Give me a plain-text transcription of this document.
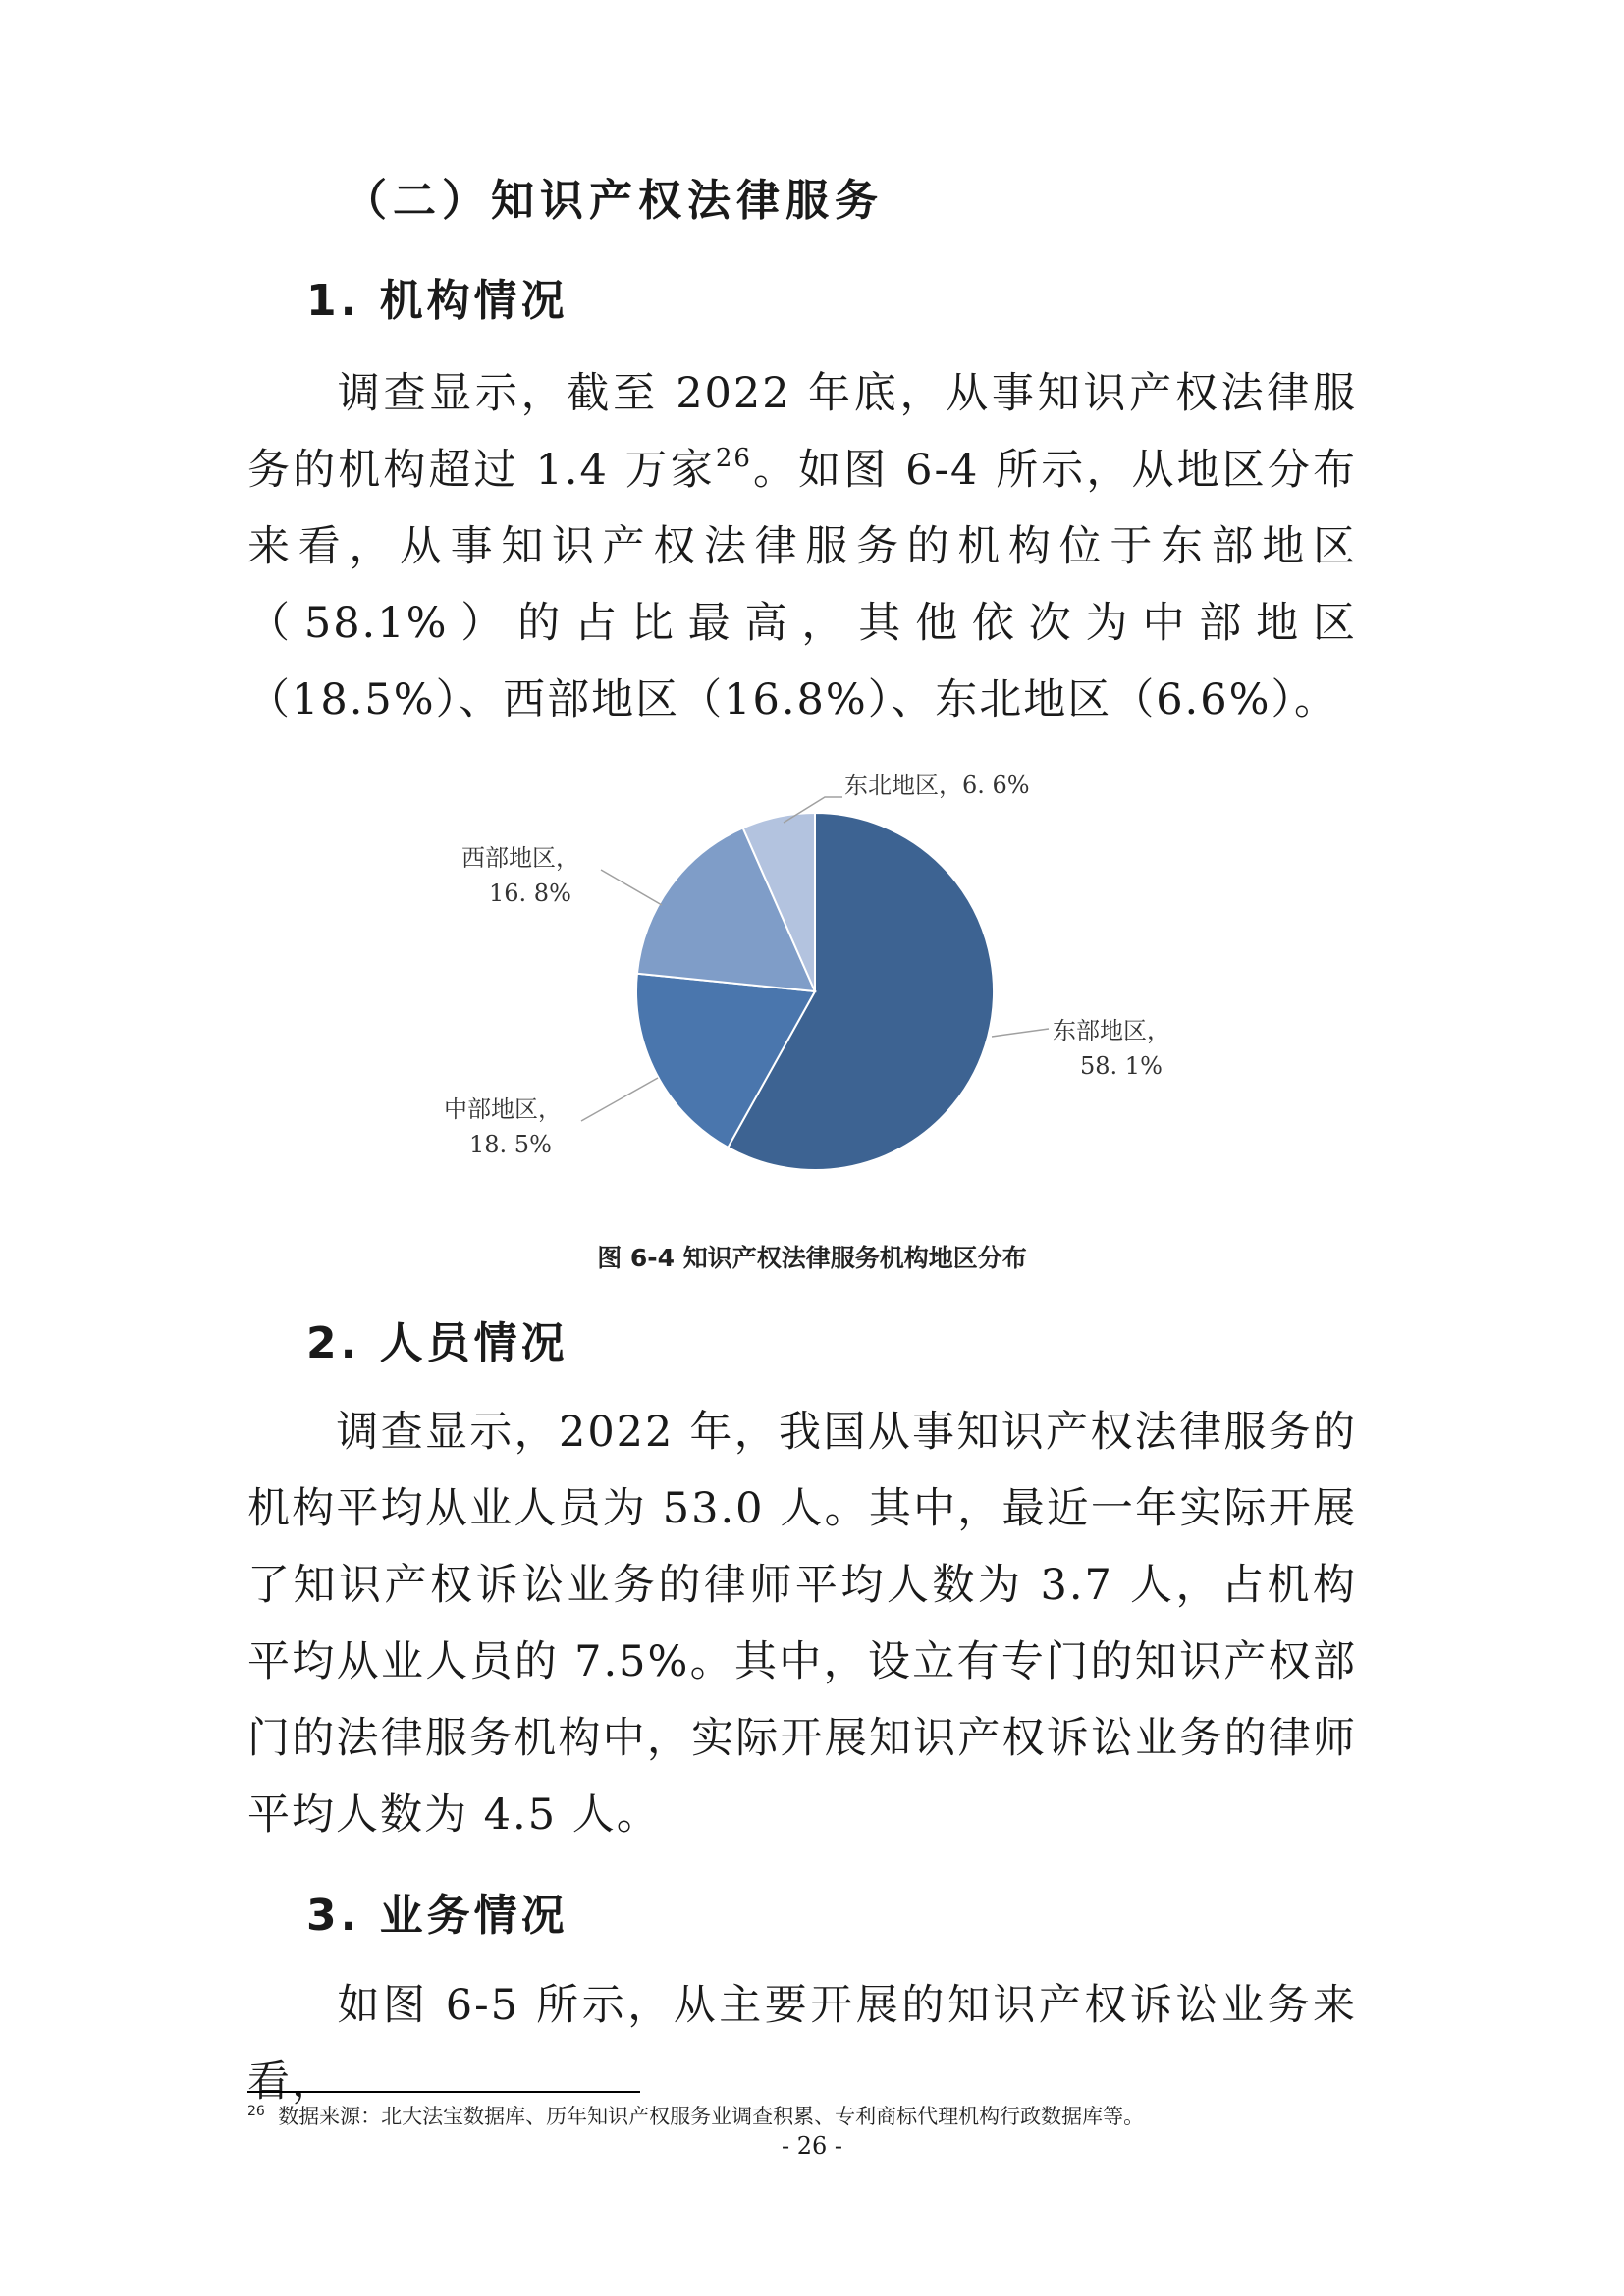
（二）知识产权法律服务
1. 机构情况
调查显示，截至 2022 年底，从事知识产权法律服务的机构超过 1.4 万家$^{26}$。如图 6-4 所示，从地区分布来看，从事知识产权法律服务的机构位于东部地区（58.1%）的占比最高，其他依次为中部地区（18.5%）、西部地区（16.8%）、东北地区（6.6%）。
东北地区，6. 6%
西部地区，
16. 8%
东部地区，
58. 1%
中部地区，
18. 5%
图 6-4 知识产权法律服务机构地区分布
2. 人员情况
调查显示，2022 年，我国从事知识产权法律服务的机构平均从业人员为 53.0 人。其中，最近一年实际开展了知识产权诉讼业务的律师平均人数为 3.7 人，占机构平均从业人员的 7.5%。其中，设立有专门的知识产权部门的法律服务机构中，实际开展知识产权诉讼业务的律师平均人数为 4.5 人。
3. 业务情况
如图 6-5 所示，从主要开展的知识产权诉讼业务来看，
$^{26}$ 数据来源：北大法宝数据库、历年知识产权服务业调查积累、专利商标代理机构行政数据库等。
- 26 -
